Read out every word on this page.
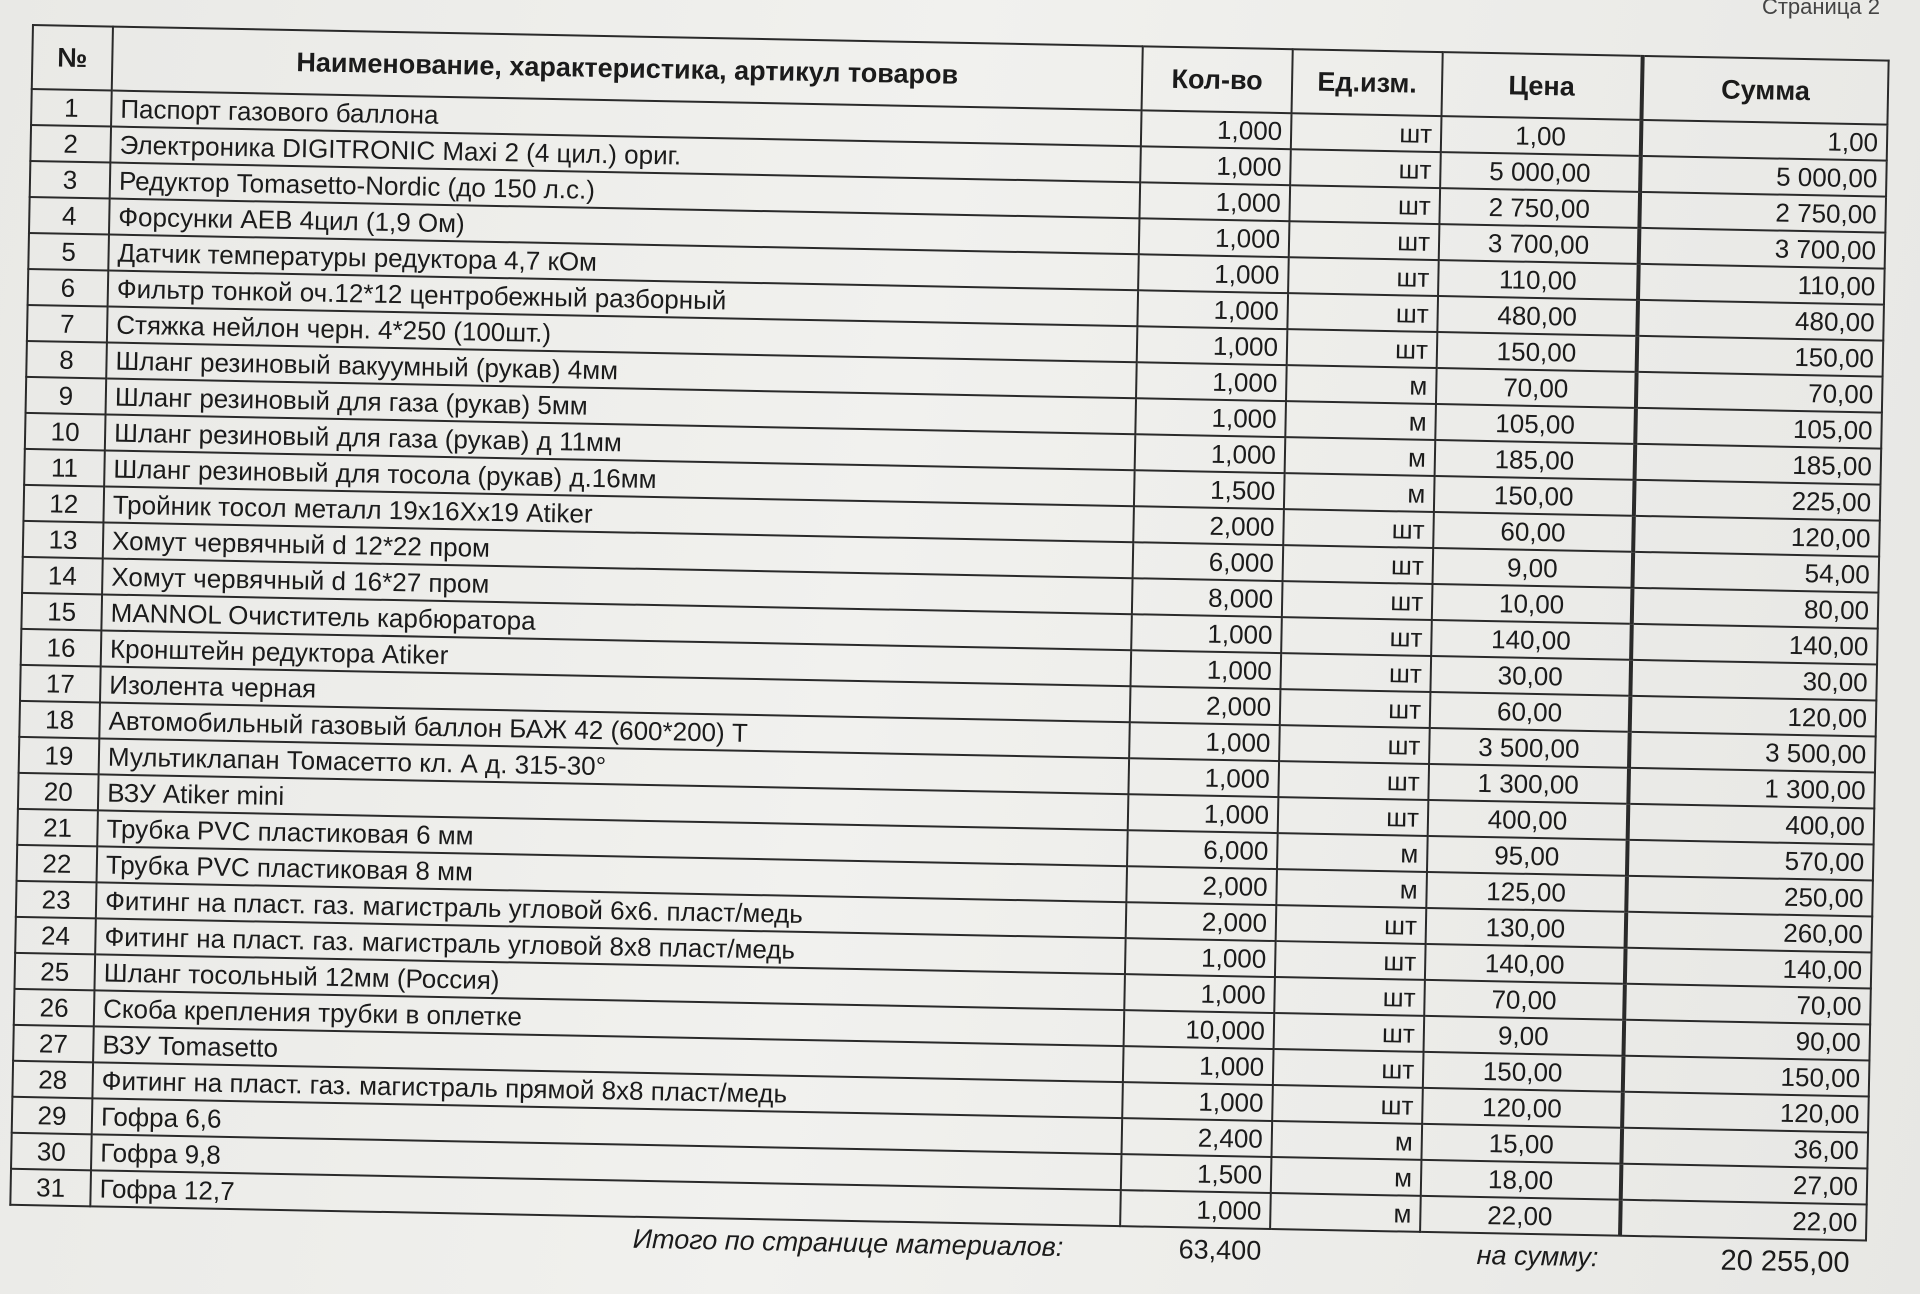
Страница 2
№	Наименование, характеристика, артикул товаров	Кол-во	Ед.изм.	Цена	Сумма
1	Паспорт газового баллона	1,000	шт	1,00	1,00
2	Электроника DIGITRONIC Maxi 2 (4 цил.) ориг.	1,000	шт	5 000,00	5 000,00
3	Редуктор Tomasetto-Nordic (до 150 л.с.)	1,000	шт	2 750,00	2 750,00
4	Форсунки AEB 4цил (1,9 Ом)	1,000	шт	3 700,00	3 700,00
5	Датчик температуры редуктора 4,7 кОм	1,000	шт	110,00	110,00
6	Фильтр тонкой оч.12*12 центробежный разборный	1,000	шт	480,00	480,00
7	Стяжка нейлон черн. 4*250 (100шт.)	1,000	шт	150,00	150,00
8	Шланг резиновый вакуумный (рукав) 4мм	1,000	м	70,00	70,00
9	Шланг резиновый для газа (рукав) 5мм	1,000	м	105,00	105,00
10	Шланг резиновый для газа (рукав) д 11мм	1,000	м	185,00	185,00
11	Шланг резиновый для тосола (рукав) д.16мм	1,500	м	150,00	225,00
12	Тройник тосол металл 19х16Хх19 Atiker	2,000	шт	60,00	120,00
13	Хомут червячный d 12*22 пром	6,000	шт	9,00	54,00
14	Хомут червячный d 16*27 пром	8,000	шт	10,00	80,00
15	MANNOL Очиститель карбюратора	1,000	шт	140,00	140,00
16	Кронштейн редуктора Atiker	1,000	шт	30,00	30,00
17	Изолента черная	2,000	шт	60,00	120,00
18	Автомобильный газовый баллон БАЖ 42 (600*200) Т	1,000	шт	3 500,00	3 500,00
19	Мультиклапан Томасетто кл. А д. 315-30°	1,000	шт	1 300,00	1 300,00
20	ВЗУ Atiker mini	1,000	шт	400,00	400,00
21	Трубка PVC пластиковая 6 мм	6,000	м	95,00	570,00
22	Трубка PVC пластиковая 8 мм	2,000	м	125,00	250,00
23	Фитинг на пласт. газ. магистраль угловой 6х6. пласт/медь	2,000	шт	130,00	260,00
24	Фитинг на пласт. газ. магистраль угловой 8х8 пласт/медь	1,000	шт	140,00	140,00
25	Шланг тосольный 12мм (Россия)	1,000	шт	70,00	70,00
26	Скоба крепления трубки в оплетке	10,000	шт	9,00	90,00
27	ВЗУ Tomasetto	1,000	шт	150,00	150,00
28	Фитинг на пласт. газ. магистраль прямой 8х8 пласт/медь	1,000	шт	120,00	120,00
29	Гофра 6,6	2,400	м	15,00	36,00
30	Гофра 9,8	1,500	м	18,00	27,00
31	Гофра 12,7	1,000	м	22,00	22,00
Итого по странице материалов:	63,400	на сумму:	20 255,00
